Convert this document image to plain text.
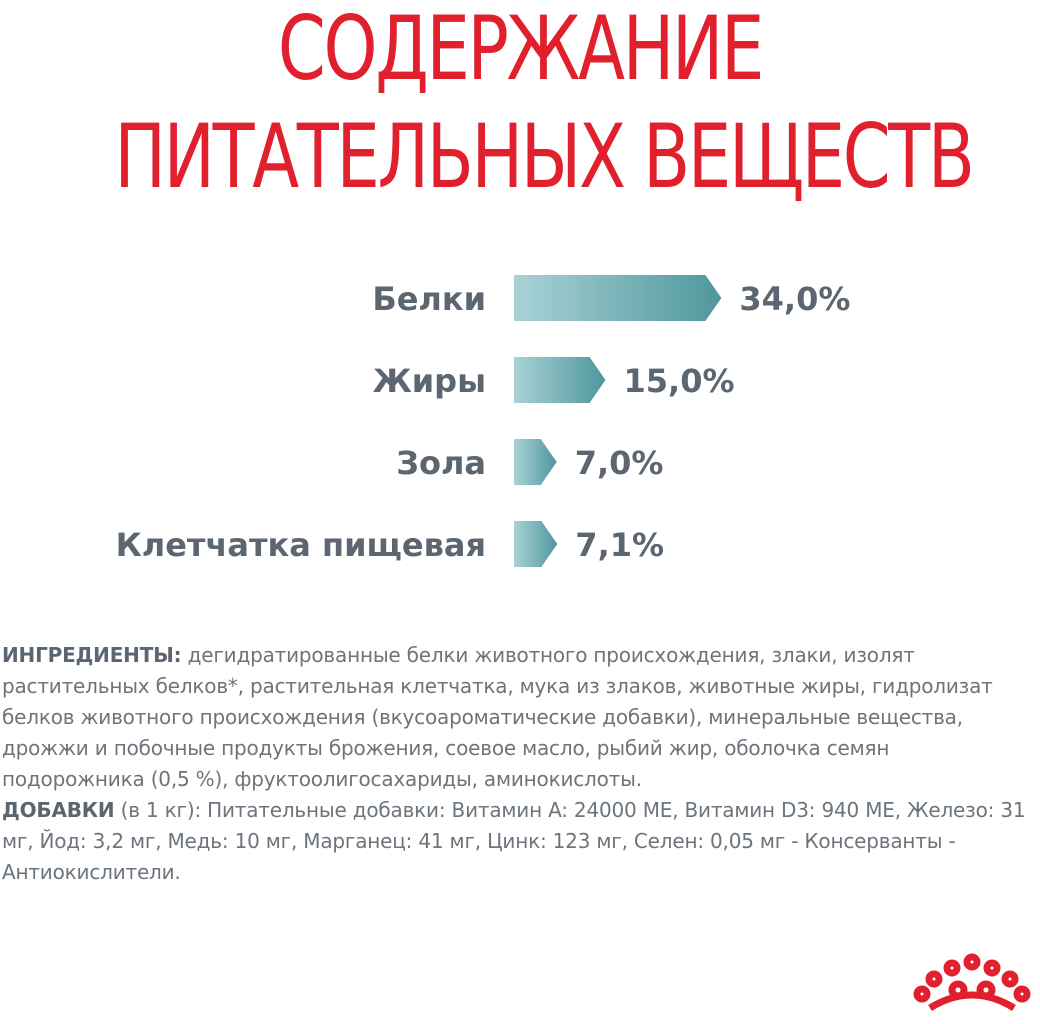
СОДЕРЖАНИЕ
ПИТАТЕЛЬНЫХ ВЕЩЕСТВ
Белки	34,0%
Жиры	15,0%
Зола	7,0%
Клетчатка пищевая	7,1%

ИНГРЕДИЕНТЫ: дегидратированные белки животного происхождения, злаки, изолят растительных белков*, растительная клетчатка, мука из злаков, животные жиры, гидролизат белков животного происхождения (вкусоароматические добавки), минеральные вещества, дрожжи и побочные продукты брожения, соевое масло, рыбий жир, оболочка семян подорожника (0,5 %), фруктоолигосахариды, аминокислоты.

ДОБАВКИ (в 1 кг): Питательные добавки: Витамин A: 24000 МЕ, Витамин D3: 940 МЕ, Железо: 31 мг, Йод: 3,2 мг, Медь: 10 мг, Марганец: 41 мг, Цинк: 123 мг, Селен: 0,05 мг - Консерванты - Антиокислители.
